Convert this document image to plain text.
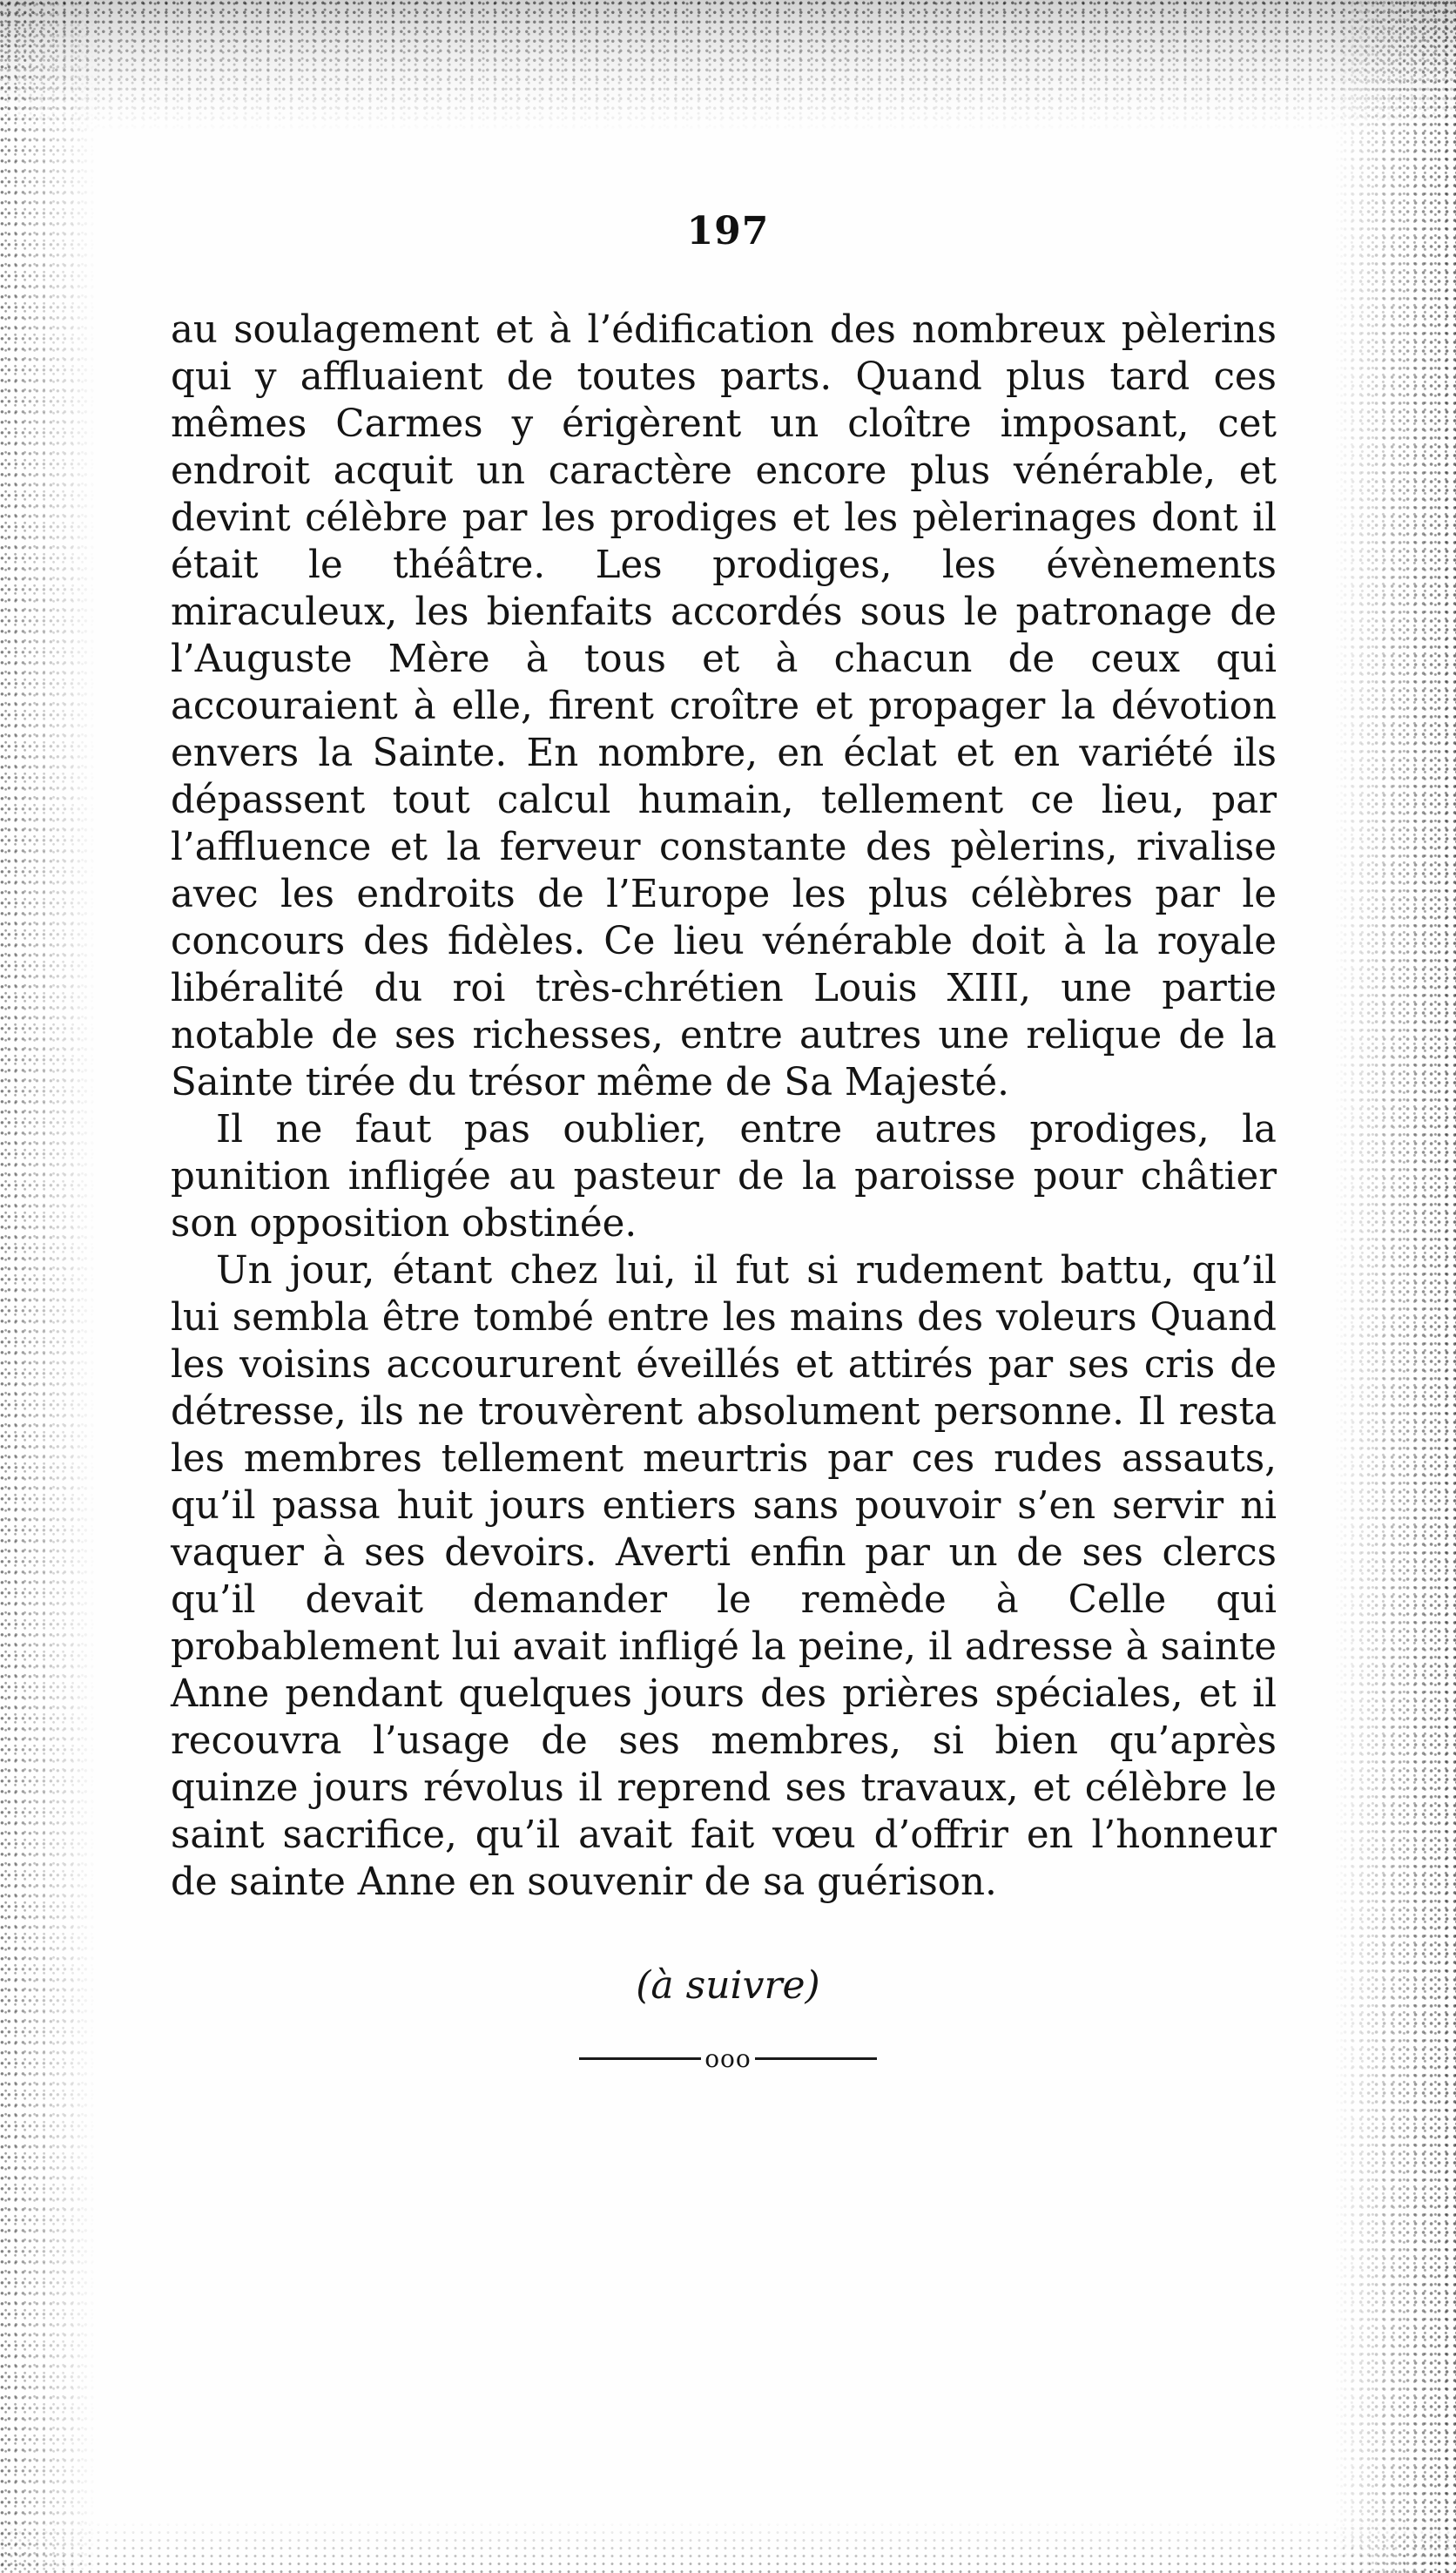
197

au soulagement et à l’édification des nombreux pèlerins qui y affluaient de toutes parts. Quand plus tard ces mêmes Carmes y érigèrent un cloître imposant, cet endroit acquit un caractère encore plus vénérable, et devint célèbre par les prodiges et les pèlerinages dont il était le théâtre. Les prodiges, les évènements miraculeux, les bienfaits accordés sous le patronage de l’Auguste Mère à tous et à chacun de ceux qui accouraient à elle, firent croître et propager la dévotion envers la Sainte. En nombre, en éclat et en variété ils dépassent tout calcul humain, tellement ce lieu, par l’affluence et la ferveur constante des pèlerins, rivalise avec les endroits de l’Europe les plus célèbres par le concours des fidèles. Ce lieu vénérable doit à la royale libéralité du roi très-chrétien Louis XIII, une partie notable de ses richesses, entre autres une relique de la Sainte tirée du trésor même de Sa Majesté.

Il ne faut pas oublier, entre autres prodiges, la punition infligée au pasteur de la paroisse pour châtier son opposition obstinée.

Un jour, étant chez lui, il fut si rudement battu, qu’il lui sembla être tombé entre les mains des voleurs Quand les voisins accoururent éveillés et attirés par ses cris de détresse, ils ne trouvèrent absolument personne. Il resta les membres tellement meurtris par ces rudes assauts, qu’il passa huit jours entiers sans pouvoir s’en servir ni vaquer à ses devoirs. Averti enfin par un de ses clercs qu’il devait demander le remède à Celle qui probablement lui avait infligé la peine, il adresse à sainte Anne pendant quelques jours des prières spéciales, et il recouvra l’usage de ses membres, si bien qu’après quinze jours révolus il reprend ses travaux, et célèbre le saint sacrifice, qu’il avait fait vœu d’offrir en l’honneur de sainte Anne en souvenir de sa guérison.

(à suivre)
ooo
